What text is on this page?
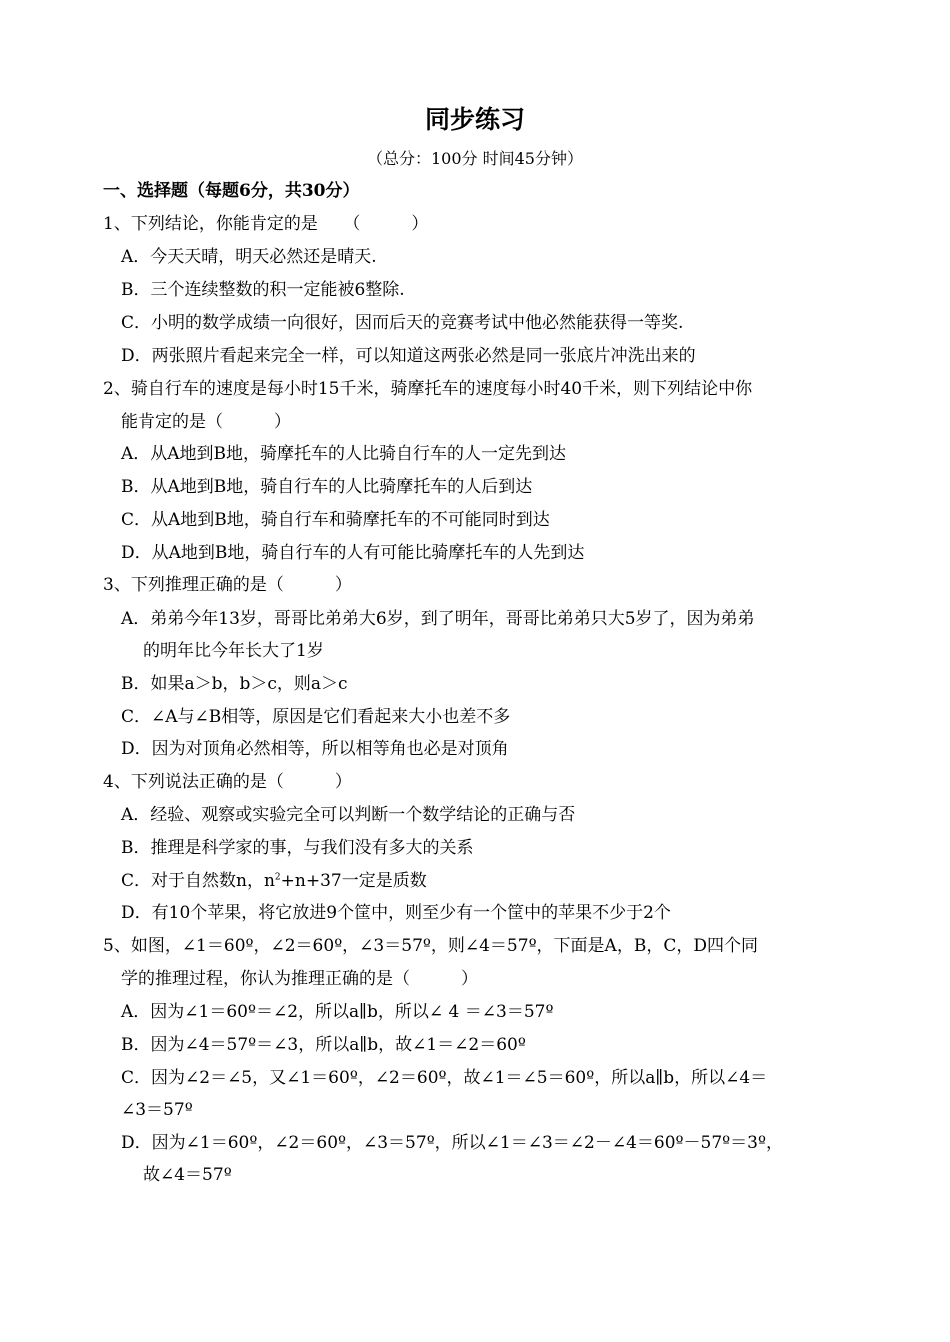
同步练习
（总分：100分 时间45分钟）
一、选择题（每题6分，共30分）
1、下列结论，你能肯定的是　　（　　　）
A．今天天晴，明天必然还是晴天.
B．三个连续整数的积一定能被6整除.
C．小明的数学成绩一向很好，因而后天的竞赛考试中他必然能获得一等奖.
D．两张照片看起来完全一样，可以知道这两张必然是同一张底片冲洗出来的
2、骑自行车的速度是每小时15千米，骑摩托车的速度每小时40千米，则下列结论中你
能肯定的是（　　　）
A．从A地到B地，骑摩托车的人比骑自行车的人一定先到达
B．从A地到B地，骑自行车的人比骑摩托车的人后到达
C．从A地到B地，骑自行车和骑摩托车的不可能同时到达
D．从A地到B地，骑自行车的人有可能比骑摩托车的人先到达
3、下列推理正确的是（　　　）
A．弟弟今年13岁，哥哥比弟弟大6岁，到了明年，哥哥比弟弟只大5岁了，因为弟弟
的明年比今年长大了1岁
B．如果a＞b，b＞c，则a＞c
C．∠A与∠B相等，原因是它们看起来大小也差不多
D．因为对顶角必然相等，所以相等角也必是对顶角
4、下列说法正确的是（　　　）
A．经验、观察或实验完全可以判断一个数学结论的正确与否
B．推理是科学家的事，与我们没有多大的关系
C．对于自然数n，$n^2+n+37$一定是质数
D．有10个苹果，将它放进9个筐中，则至少有一个筐中的苹果不少于2个
5、如图，∠1＝60º，∠2＝60º，∠3＝57º，则∠4＝57º，下面是A，B，C，D四个同
学的推理过程，你认为推理正确的是（　　　）
A．因为∠1＝60º＝∠2，所以a∥b，所以∠ 4 ＝∠3＝57º
B．因为∠4＝57º＝∠3，所以a∥b，故∠1＝∠2＝60º
C．因为∠2＝∠5，又∠1＝60º，∠2＝60º，故∠1＝∠5＝60º，所以a∥b，所以∠4＝
∠3＝57º
D．因为∠1＝60º，∠2＝60º，∠3＝57º，所以∠1＝∠3＝∠2－∠4＝60º－57º＝3º，
故∠4＝57º
